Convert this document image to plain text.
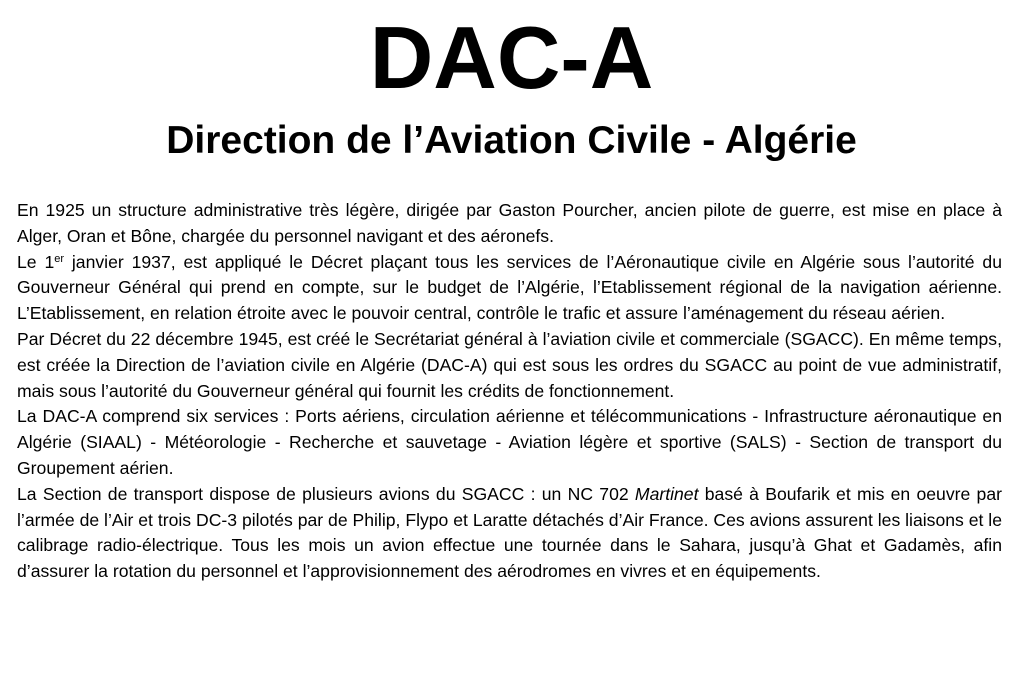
DAC-A
Direction de l’Aviation Civile - Algérie

En 1925 un structure administrative très légère, dirigée par Gaston Pourcher, ancien pilote de guerre, est mise en place à Alger, Oran et Bône, chargée du personnel navigant et des aéronefs.

Le 1er janvier 1937, est appliqué le Décret plaçant tous les services de l’Aéronautique civile en Algérie sous l’autorité du Gouverneur Général qui prend en compte, sur le budget de l’Algérie, l’Etablissement régional de la navigation aérienne. L’Etablissement, en relation étroite avec le pouvoir central, contrôle le trafic et assure l’aménagement du réseau aérien.

Par Décret du 22 décembre 1945, est créé le Secrétariat général à l’aviation civile et commerciale (SGACC). En même temps, est créée la Direction de l’aviation civile en Algérie (DAC-A) qui est sous les ordres du SGACC au point de vue administratif, mais sous l’autorité du Gouverneur général qui fournit les crédits de fonctionnement.

La DAC-A comprend six services : Ports aériens, circulation aérienne et télécommunications - Infrastructure aéronautique en Algérie (SIAAL) - Météorologie - Recherche et sauvetage - Aviation légère et sportive (SALS) - Section de transport du Groupement aérien.

La Section de transport dispose de plusieurs avions du SGACC : un NC 702 Martinet basé à Boufarik et mis en oeuvre par l’armée de l’Air et trois DC-3 pilotés par de Philip, Flypo et Laratte détachés d’Air France. Ces avions assurent les liaisons et le calibrage radio-électrique. Tous les mois un avion effectue une tournée dans le Sahara, jusqu’à Ghat et Gadamès, afin d’assurer la rotation du personnel et l’approvisionnement des aérodromes en vivres et en équipements.
